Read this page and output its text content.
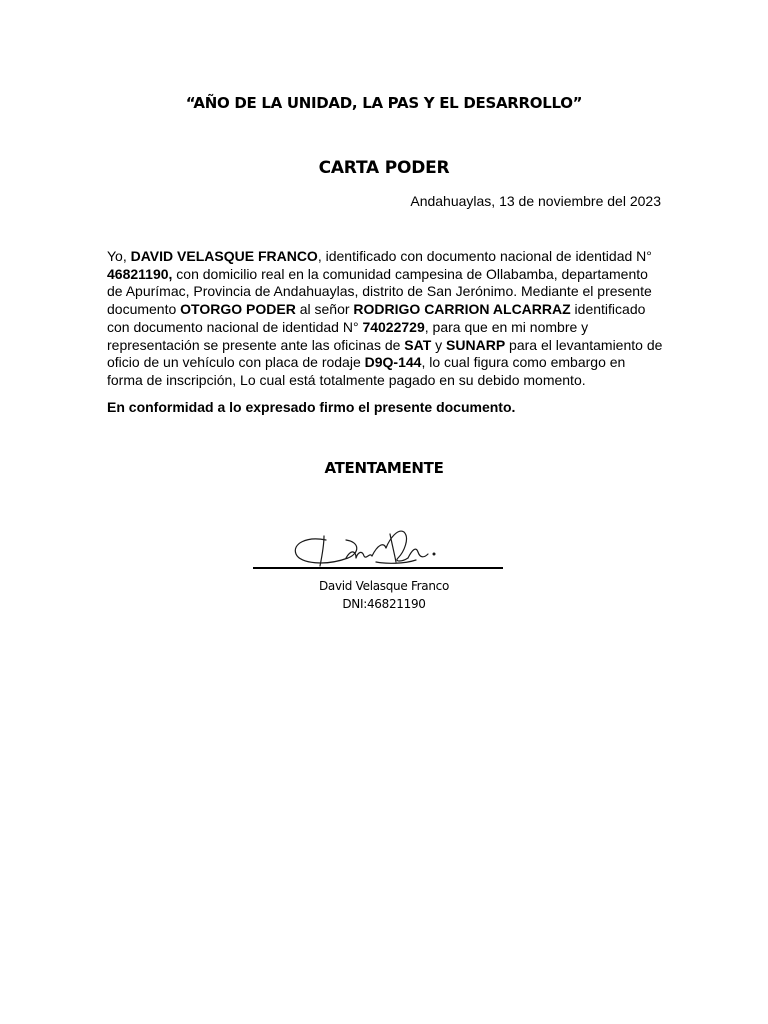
“AÑO DE LA UNIDAD, LA PAS Y EL DESARROLLO”
CARTA PODER
Andahuaylas, 13 de noviembre del 2023
Yo, DAVID VELASQUE FRANCO, identificado con documento nacional de identidad N° 46821190, con domicilio real en la comunidad campesina de Ollabamba, departamento de Apurímac, Provincia de Andahuaylas, distrito de San Jerónimo. Mediante el presente documento OTORGO PODER al señor RODRIGO CARRION ALCARRAZ identificado con documento nacional de identidad N° 74022729, para que en mi nombre y representación se presente ante las oficinas de SAT y SUNARP para el levantamiento de oficio de un vehículo con placa de rodaje D9Q-144, lo cual figura como embargo en forma de inscripción, Lo cual está totalmente pagado en su debido momento.
En conformidad a lo expresado firmo el presente documento.
ATENTAMENTE
David Velasque Franco
DNI:46821190
